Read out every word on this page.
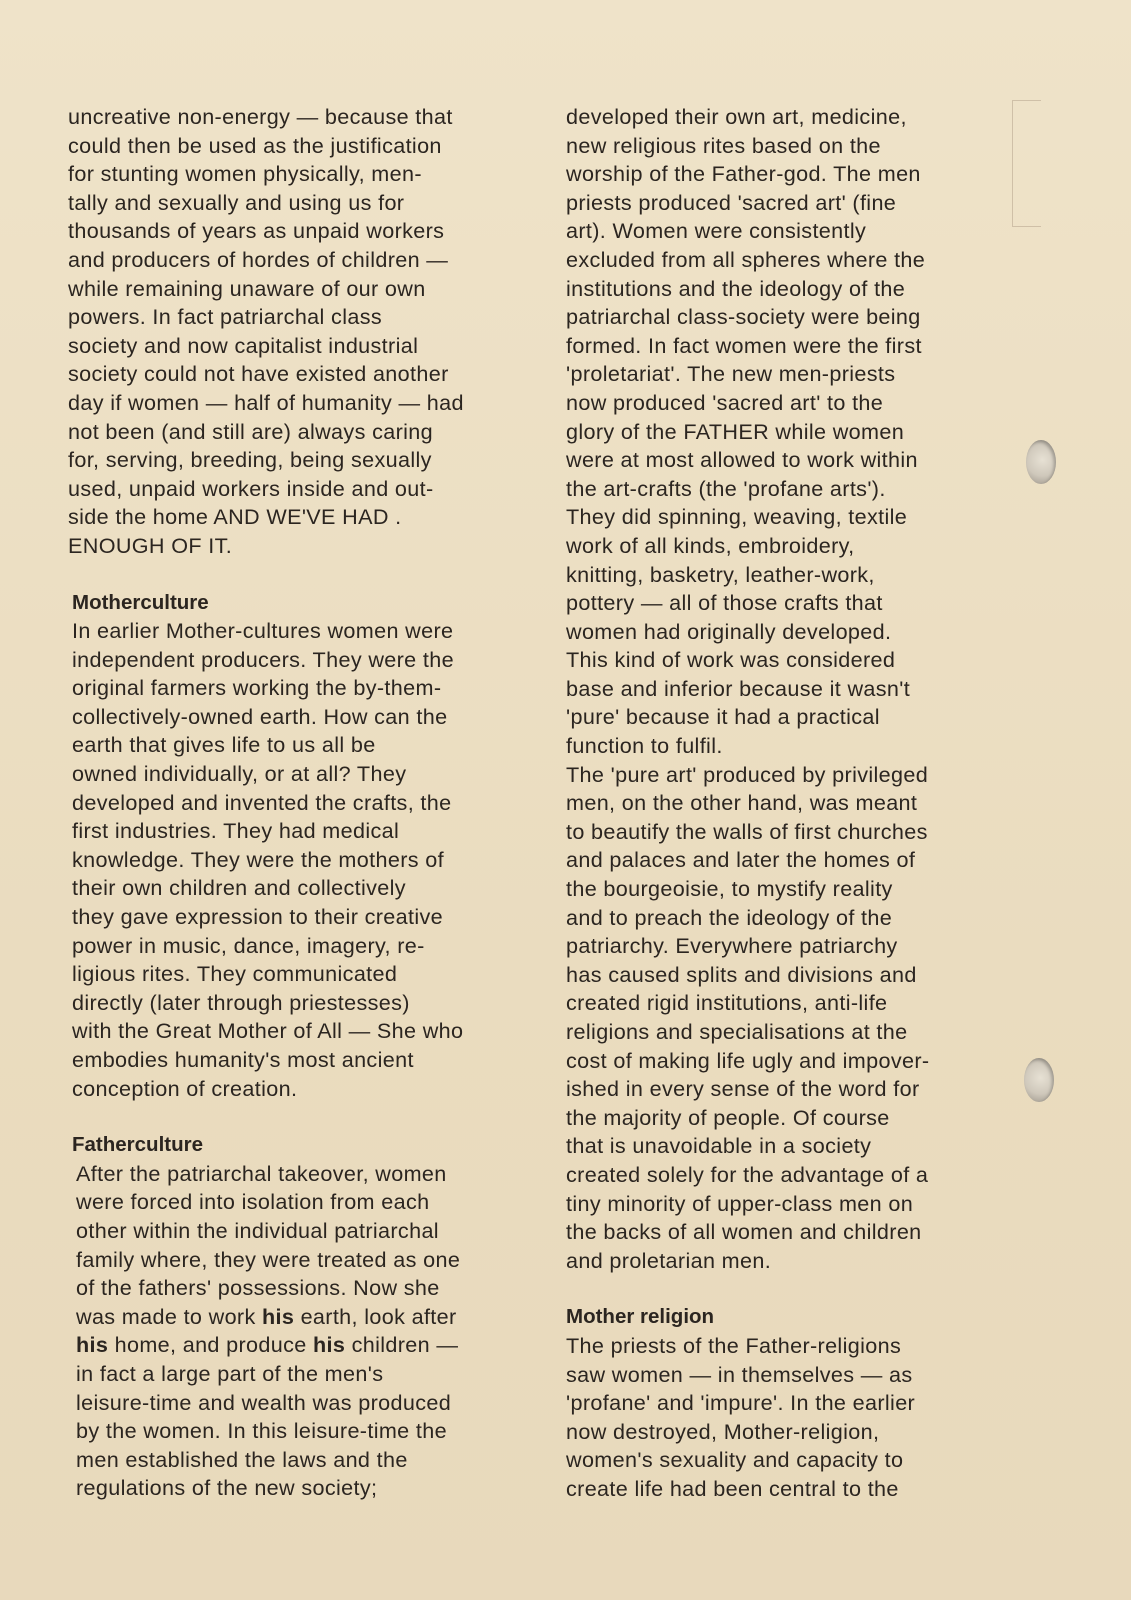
uncreative non-energy — because that
could then be used as the justification
for stunting women physically, men-
tally and sexually and using us for
thousands of years as unpaid workers
and producers of hordes of children —
while remaining unaware of our own
powers. In fact patriarchal class
society and now capitalist industrial
society could not have existed another
day if women — half of humanity — had
not been (and still are) always caring
for, serving, breeding, being sexually
used, unpaid workers inside and out-
side the home AND WE'VE HAD .
ENOUGH OF IT.
Motherculture
In earlier Mother-cultures women were
independent producers. They were the
original farmers working the by-them-
collectively-owned earth. How can the
earth that gives life to us all be
owned individually, or at all? They
developed and invented the crafts, the
first industries. They had medical
knowledge. They were the mothers of
their own children and collectively
they gave expression to their creative
power in music, dance, imagery, re-
ligious rites. They communicated
directly (later through priestesses)
with the Great Mother of All — She who
embodies humanity's most ancient
conception of creation.
Fatherculture
After the patriarchal takeover, women
were forced into isolation from each
other within the individual patriarchal
family where, they were treated as one
of the fathers' possessions. Now she
was made to work his earth, look after
his home, and produce his children —
in fact a large part of the men's
leisure-time and wealth was produced
by the women. In this leisure-time the
men established the laws and the
regulations of the new society;
developed their own art, medicine,
new religious rites based on the
worship of the Father-god. The men
priests produced 'sacred art' (fine
art). Women were consistently
excluded from all spheres where the
institutions and the ideology of the
patriarchal class-society were being
formed. In fact women were the first
'proletariat'. The new men-priests
now produced 'sacred art' to the
glory of the FATHER while women
were at most allowed to work within
the art-crafts (the 'profane arts').
They did spinning, weaving, textile
work of all kinds, embroidery,
knitting, basketry, leather-work,
pottery — all of those crafts that
women had originally developed.
This kind of work was considered
base and inferior because it wasn't
'pure' because it had a practical
function to fulfil.
The 'pure art' produced by privileged
men, on the other hand, was meant
to beautify the walls of first churches
and palaces and later the homes of
the bourgeoisie, to mystify reality
and to preach the ideology of the
patriarchy. Everywhere patriarchy
has caused splits and divisions and
created rigid institutions, anti-life
religions and specialisations at the
cost of making life ugly and impover-
ished in every sense of the word for
the majority of people. Of course
that is unavoidable in a society
created solely for the advantage of a
tiny minority of upper-class men on
the backs of all women and children
and proletarian men.
Mother religion
The priests of the Father-religions
saw women — in themselves — as
'profane' and 'impure'. In the earlier
now destroyed, Mother-religion,
women's sexuality and capacity to
create life had been central to the
